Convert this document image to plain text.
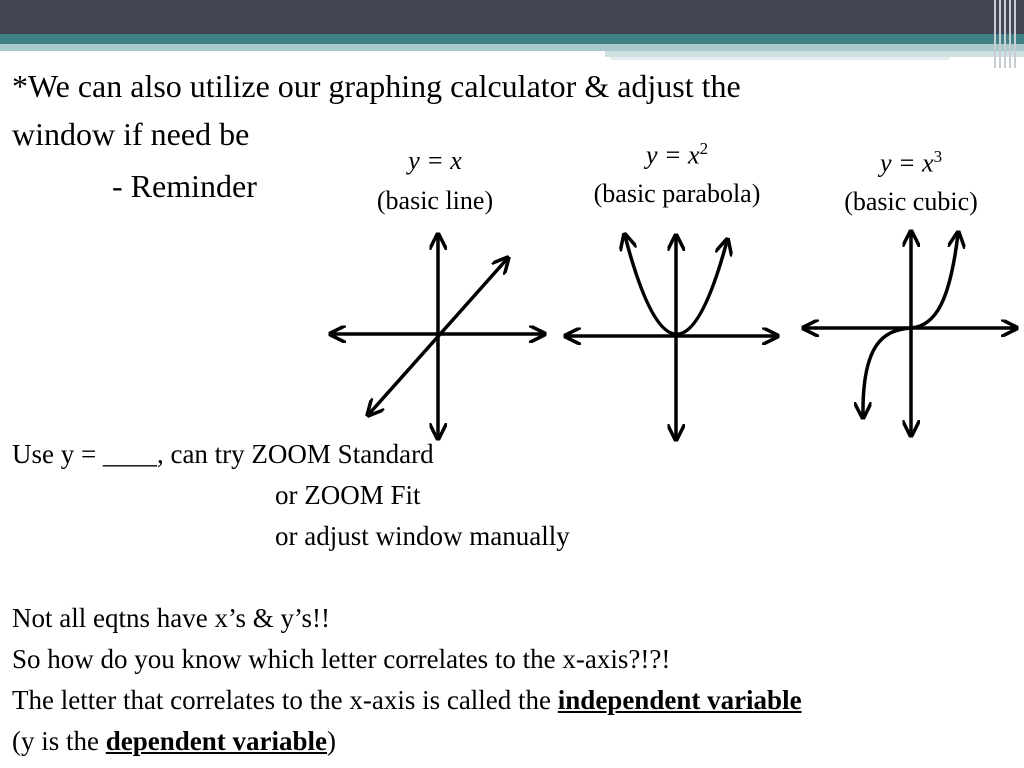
*We can also utilize our graphing calculator & adjust the
window if need be
- Reminder
y = x
(basic line)
$y = x^2$
(basic parabola)
$y = x^3$
(basic cubic)
Use y = ____, can try ZOOM Standard
or ZOOM Fit
or adjust window manually
Not all eqtns have x’s & y’s!!
So how do you know which letter correlates to the x-axis?!?!
The letter that correlates to the x-axis is called the independent variable
(y is the dependent variable)
